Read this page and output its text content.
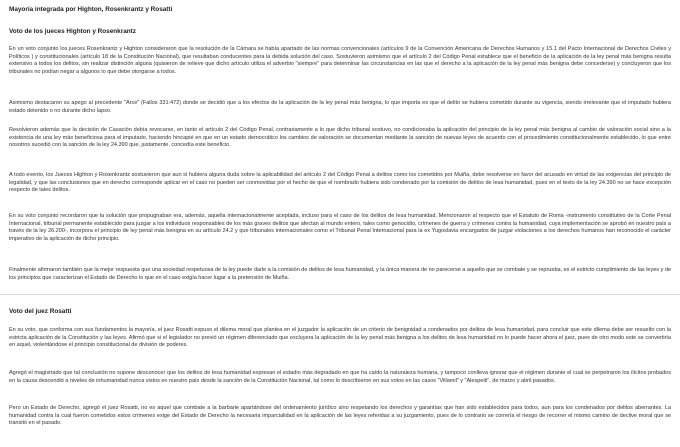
Mayoría integrada por Highton, Rosenkrantz y Rosatti
Voto de los jueces Highton y Rosenkrantz

En un voto conjunto los jueces Rosenkrantz y Highton consideraron que la resolución de la Cámara se había apartado de las normas convencionales (artículos 9 de la Convención Americana de Derechos Humanos y 15.1 del Pacto Internacional de Derechos Civiles y Políticos ) y constitucionales (artículo 18 de la Constitución Nacional), que resultaban conducentes para la debida solución del caso. Sostuvieron asimismo que el artículo 2 del Código Penal establece que el beneficio de la aplicación de la ley penal más benigna resulta extensivo a todos los delitos, sin realizar distinción alguna (quisieron de relieve que dicho artículo utiliza el adverbio "siempre" para determinar las circunstancias en las que el derecho a la aplicación de la ley penal más benigna debe concederse) y concluyeron que los tribunales no podían negar a algunos lo que debe otorgarse a todos.

Asimismo destacaron su apego al precedente "Arce" (Fallos 331:472) donde se decidió que a los efectos de la aplicación de la ley penal más benigna, lo que importa es que el delito se hubiera cometido durante su vigencia, siendo irrelevante que el imputado hubiera estado detenido o no durante dicho lapso.

Resolvieron además que la decisión de Casación debía revocarse, en tanto el artículo 2 del Código Penal, contrariamente a lo que dicho tribunal sostuvo, no condicionaba la aplicación del principio de la ley penal más benigna al cambio de valoración social sino a la existencia de una ley más beneficiosa para el imputado, haciendo hincapié en que en un estado democrático los cambios de valoración se documentan mediante la sanción de nuevas leyes de acuerdo con el procedimiento constitucionalmente establecido, lo que entre nosotros sucedió con la sanción de la ley 24.390 que, justamente, concedía este beneficio.

A todo evento, los Jueces Highton y Rosenkrantz sostuvieron que aun si hubiera alguna duda sobre la aplicabilidad del artículo 2 del Código Penal a delitos como los cometidos por Muiña, debe resolverse en favor del acusado en virtud de las exigencias del principio de legalidad, y que las conclusiones que en derecho corresponde aplicar en el caso no pueden ser conmovidas por el hecho de que el nombrado hubiera sido condenado por la comisión de delitos de lesa humanidad, pues en el texto de la ley 24.390 no se hace excepción respecto de tales delitos.

En su voto conjunto recordaron que la solución que propugnaban era, además, aquella internacionalmente aceptada, incluso para el caso de los delitos de lesa humanidad. Mencionaron al respecto que el Estatuto de Roma -instrumento constitutivo de la Corte Penal Internacional, tribunal permanente establecido para juzgar a los individuos responsables de los más graves delitos que afectan al mundo entero, tales como genocidio, crímenes de guerra y crímenes contra la humanidad, cuya implementación se aprobó en nuestro país a través de la ley 26.200-, incorpora el principio de ley penal más benigna en su artículo 24.2 y que tribunales internacionales como el Tribunal Penal Internacional para la ex Yugoslavia encargados de juzgar violaciones a los derechos humanos han reconocido el carácter imperativo de la aplicación de dicho principio.

Finalmente afirmaron también que la mejor respuesta que una sociedad respetuosa de la ley puede darle a la comisión de delitos de lesa humanidad, y la única manera de no parecerse a aquello que se combate y se reprueba, es el estricto cumplimiento de las leyes y de los principios que caracterizan el Estado de Derecho lo que en el caso exigía hacer lugar a la pretensión de Muiña.

Voto del juez Rosatti

En su voto, que conforma con sus fundamentos la mayoría, el juez Rosatti expuso el dilema moral que plantea en el juzgador la aplicación de un criterio de benignidad a condenados por delitos de lesa humanidad, para concluir que este dilema debe ser resuelto con la estricta aplicación de la Constitución y las leyes. Afirmó que si el legislador no previó un régimen diferenciado que excluyera la aplicación de la ley penal más benigna a los delitos de lesa humanidad no lo puede hacer ahora el juez, pues de otro modo este se convertiría en aquel, violentándose el principio constitucional de división de poderes.

Agregó el magistrado que tal conclusión no supone desconocer que los delitos de lesa humanidad expresan el estadio más degradado en que ha caído la naturaleza humana, y tampoco conlleva ignorar que el régimen durante el cual se perpetraron los ilícitos probados en la causa descendió a niveles de inhumanidad nunca vistos en nuestro país desde la sanción de la Constitución Nacional, tal como lo describieron en sus votos en las casos "Villamil" y "Alespeiti", de marzo y abril pasados.

Pero un Estado de Derecho, agregó el juez Rosatti, no es aquel que combate a la barbarie apartándose del ordenamiento jurídico sino respetando los derechos y garantías que han sido establecidos para todos, aun para los condenados por delitos aberrantes. La humanidad contra la cual fueron cometidos estos crímenes exige del Estado de Derecho la necesaria imparcialidad en la aplicación de las leyes referidas a su juzgamiento, pues de lo contrario se correría el riesgo de recorrer el mismo camino de declive moral que se transitó en el pasado.
